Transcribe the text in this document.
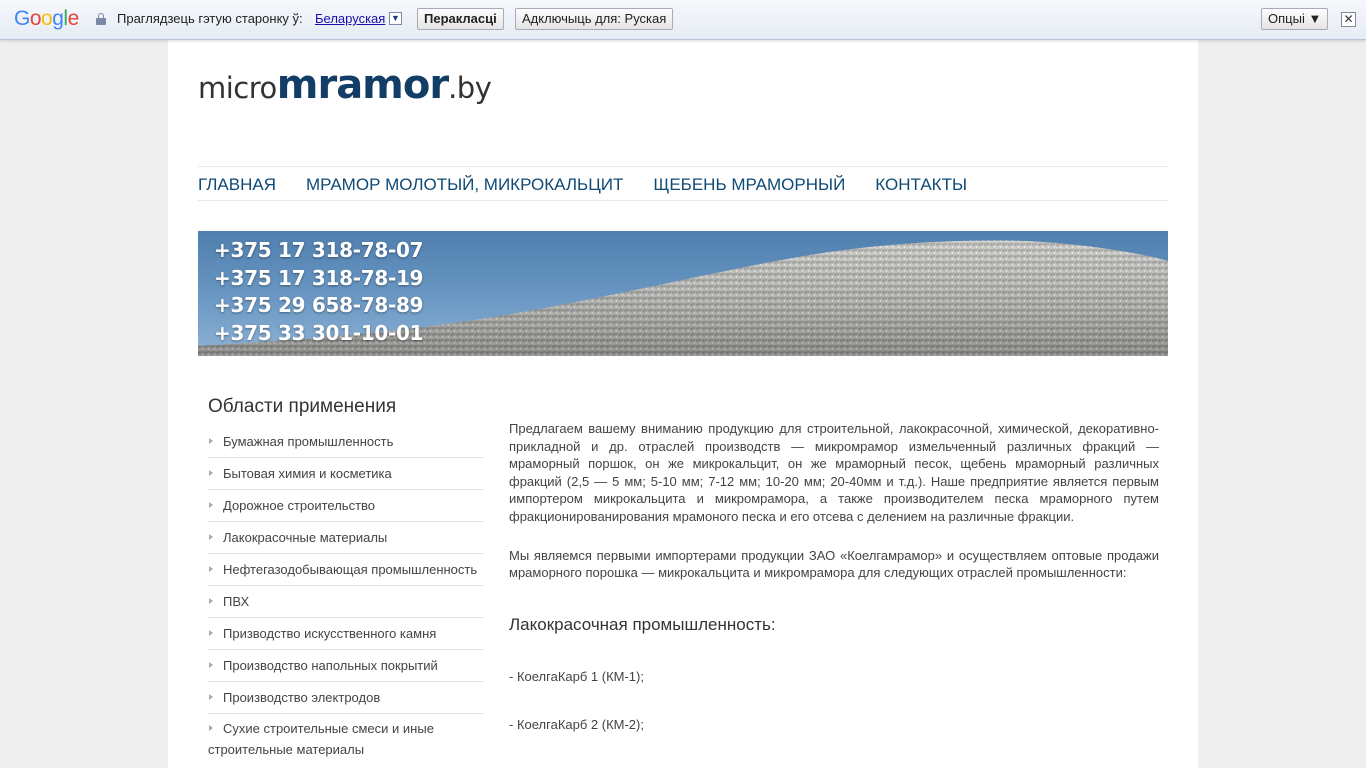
Google	Праглядзець гэтую старонку ў: Беларуская ▼	Перакласці	Адключыць для: Руская	Опцыі ▼	✕
micromramor.by
ГЛАВНАЯ МРАМОР МОЛОТЫЙ, МИКРОКАЛЬЦИТ ЩЕБЕНЬ МРАМОРНЫЙ КОНТАКТЫ
+375 17 318-78-07
+375 17 318-78-19
+375 29 658-78-89
+375 33 301-10-01
Области применения
Бумажная промышленность
Бытовая химия и косметика
Дорожное строительство
Лакокрасочные материалы
Нефтегазодобывающая промышленность
ПВХ
Призводство искусственного камня
Производство напольных покрытий
Производство электродов
Сухие строительные смеси и иные строительные материалы

Предлагаем вашему вниманию продукцию для строительной, лакокрасочной, химической, декоративно-прикладной и др. отраслей производств — микромрамор измельченный различных фракций — мраморный поршок, он же микрокальцит, он же мраморный песок, щебень мраморный различных фракций (2,5 — 5 мм; 5-10 мм; 7-12 мм; 10-20 мм; 20-40мм и т.д.). Наше предприятие является первым импортером микрокальцита и микромрамора, а также производителем песка мраморного путем фракционированирования мрамоного песка и его отсева с делением на различные фракции.

Мы являемся первыми импортерами продукции ЗАО «Коелгамрамор» и осуществляем оптовые продажи мраморного порошка — микрокальцита и микромрамора для следующих отраслей промышленности:

Лакокрасочная промышленность:

- КоелгаКарб 1 (КМ-1);

- КоелгаКарб 2 (КМ-2);
